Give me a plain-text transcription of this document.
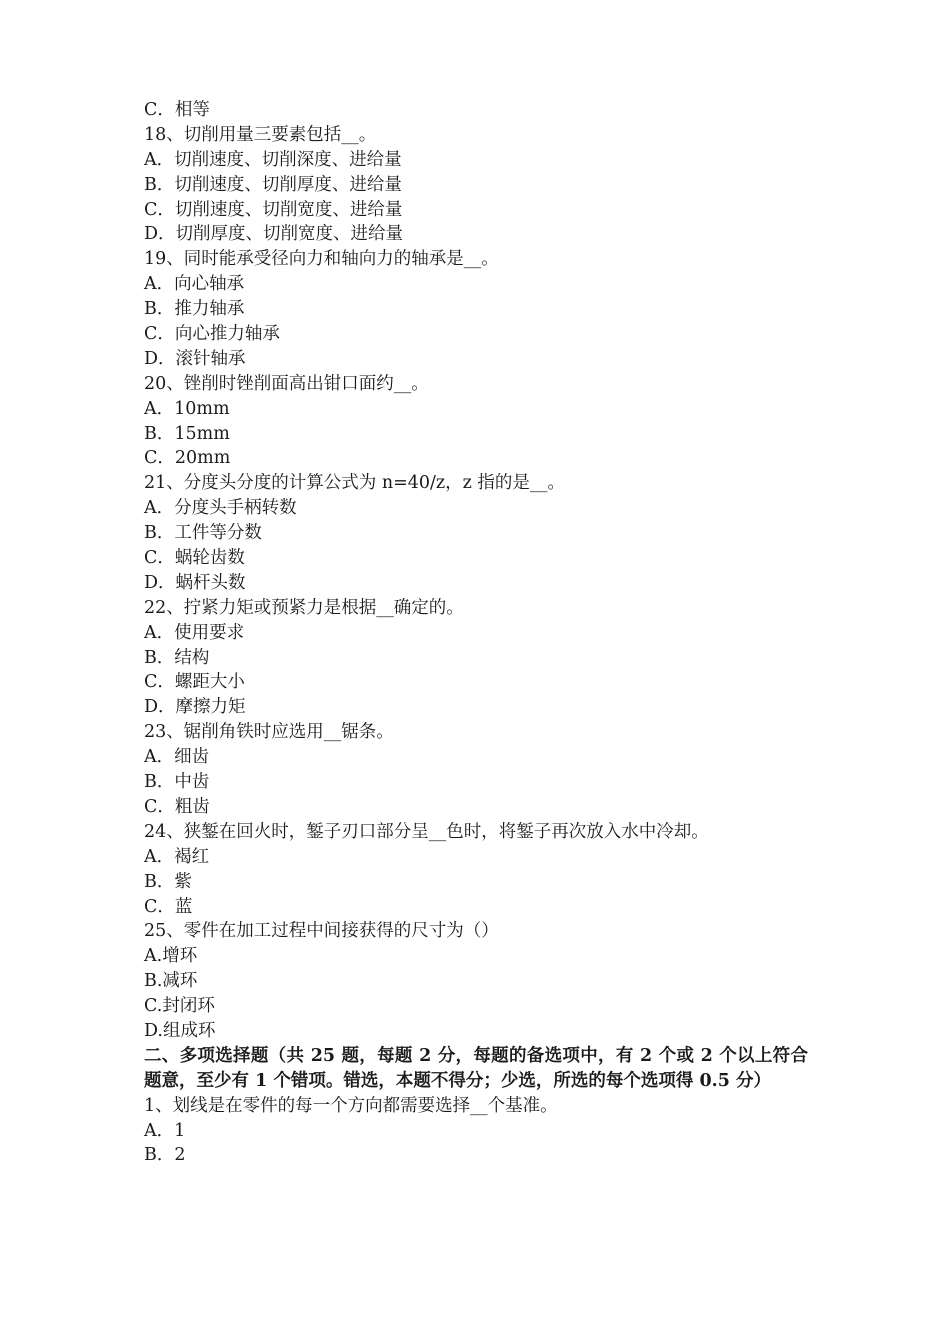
C．相等
18、切削用量三要素包括__。
A．切削速度、切削深度、进给量
B．切削速度、切削厚度、进给量
C．切削速度、切削宽度、进给量
D．切削厚度、切削宽度、进给量
19、同时能承受径向力和轴向力的轴承是__。
A．向心轴承
B．推力轴承
C．向心推力轴承
D．滚针轴承
20、锉削时锉削面高出钳口面约__。
A．10mm
B．15mm
C．20mm
21、分度头分度的计算公式为 n=40/z，z 指的是__。
A．分度头手柄转数
B．工件等分数
C．蜗轮齿数
D．蜗杆头数
22、拧紧力矩或预紧力是根据__确定的。
A．使用要求
B．结构
C．螺距大小
D．摩擦力矩
23、锯削角铁时应选用__锯条。
A．细齿
B．中齿
C．粗齿
24、狭錾在回火时，錾子刃口部分呈__色时，将錾子再次放入水中冷却。
A．褐红
B．紫
C．蓝
25、零件在加工过程中间接获得的尺寸为（）
A.增环
B.减环
C.封闭环
D.组成环
二、多项选择题（共 25 题，每题 2 分，每题的备选项中，有 2 个或 2 个以上符合题意，至少有 1 个错项。错选，本题不得分；少选，所选的每个选项得 0.5 分）
1、划线是在零件的每一个方向都需要选择__个基准。
A．1
B．2
